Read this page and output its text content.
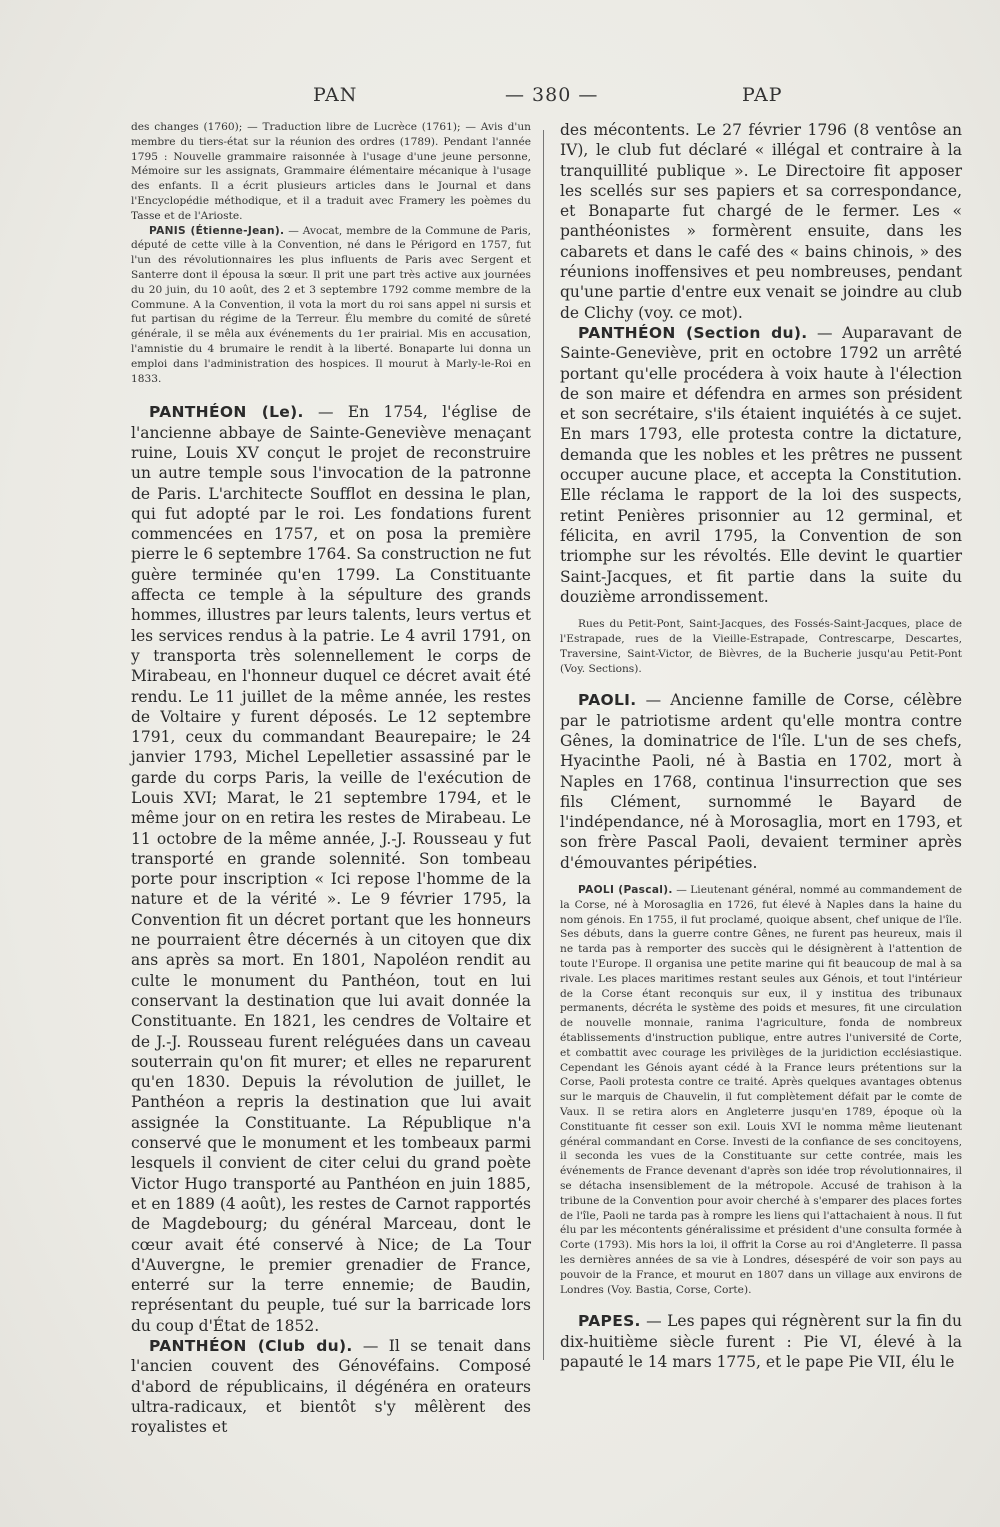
PAN	— 380 —	PAP

des changes (1760); — Traduction libre de Lucrèce (1761); — Avis d'un membre du tiers-état sur la réunion des ordres (1789). Pendant l'année 1795 : Nouvelle grammaire raisonnée à l'usage d'une jeune personne, Mémoire sur les assignats, Grammaire élémentaire mécanique à l'usage des enfants. Il a écrit plusieurs articles dans le Journal et dans l'Encyclopédie méthodique, et il a traduit avec Framery les poèmes du Tasse et de l'Arioste.

PANIS (Étienne-Jean). — Avocat, membre de la Commune de Paris, député de cette ville à la Convention, né dans le Périgord en 1757, fut l'un des révolutionnaires les plus influents de Paris avec Sergent et Santerre dont il épousa la sœur. Il prit une part très active aux journées du 20 juin, du 10 août, des 2 et 3 septembre 1792 comme membre de la Commune. A la Convention, il vota la mort du roi sans appel ni sursis et fut partisan du régime de la Terreur. Élu membre du comité de sûreté générale, il se mêla aux événements du 1er prairial. Mis en accusation, l'amnistie du 4 brumaire le rendit à la liberté. Bonaparte lui donna un emploi dans l'administration des hospices. Il mourut à Marly-le-Roi en 1833.

PANTHÉON (Le). — En 1754, l'église de l'ancienne abbaye de Sainte-Geneviève menaçant ruine, Louis XV conçut le projet de reconstruire un autre temple sous l'invocation de la patronne de Paris. L'architecte Soufflot en dessina le plan, qui fut adopté par le roi. Les fondations furent commencées en 1757, et on posa la première pierre le 6 septembre 1764. Sa construction ne fut guère terminée qu'en 1799. La Constituante affecta ce temple à la sépulture des grands hommes, illustres par leurs talents, leurs vertus et les services rendus à la patrie. Le 4 avril 1791, on y transporta très solennellement le corps de Mirabeau, en l'honneur duquel ce décret avait été rendu. Le 11 juillet de la même année, les restes de Voltaire y furent déposés. Le 12 septembre 1791, ceux du commandant Beaurepaire; le 24 janvier 1793, Michel Lepelletier assassiné par le garde du corps Paris, la veille de l'exécution de Louis XVI; Marat, le 21 septembre 1794, et le même jour on en retira les restes de Mirabeau. Le 11 octobre de la même année, J.-J. Rousseau y fut transporté en grande solennité. Son tombeau porte pour inscription « Ici repose l'homme de la nature et de la vérité ». Le 9 février 1795, la Convention fit un décret portant que les honneurs ne pourraient être décernés à un citoyen que dix ans après sa mort. En 1801, Napoléon rendit au culte le monument du Panthéon, tout en lui conservant la destination que lui avait donnée la Constituante. En 1821, les cendres de Voltaire et de J.-J. Rousseau furent reléguées dans un caveau souterrain qu'on fit murer; et elles ne reparurent qu'en 1830. Depuis la révolution de juillet, le Panthéon a repris la destination que lui avait assignée la Constituante. La République n'a conservé que le monument et les tombeaux parmi lesquels il convient de citer celui du grand poète Victor Hugo transporté au Panthéon en juin 1885, et en 1889 (4 août), les restes de Carnot rapportés de Magdebourg; du général Marceau, dont le cœur avait été conservé à Nice; de La Tour d'Auvergne, le premier grenadier de France, enterré sur la terre ennemie; de Baudin, représentant du peuple, tué sur la barricade lors du coup d'État de 1852.

PANTHÉON (Club du). — Il se tenait dans l'ancien couvent des Génovéfains. Composé d'abord de républicains, il dégénéra en orateurs ultra-radicaux, et bientôt s'y mêlèrent des royalistes et

des mécontents. Le 27 février 1796 (8 ventôse an IV), le club fut déclaré « illégal et contraire à la tranquillité publique ». Le Directoire fit apposer les scellés sur ses papiers et sa correspondance, et Bonaparte fut chargé de le fermer. Les « panthéonistes » formèrent ensuite, dans les cabarets et dans le café des « bains chinois, » des réunions inoffensives et peu nombreuses, pendant qu'une partie d'entre eux venait se joindre au club de Clichy (voy. ce mot).

PANTHÉON (Section du). — Auparavant de Sainte-Geneviève, prit en octobre 1792 un arrêté portant qu'elle procédera à voix haute à l'élection de son maire et défendra en armes son président et son secrétaire, s'ils étaient inquiétés à ce sujet. En mars 1793, elle protesta contre la dictature, demanda que les nobles et les prêtres ne pussent occuper aucune place, et accepta la Constitution. Elle réclama le rapport de la loi des suspects, retint Penières prisonnier au 12 germinal, et félicita, en avril 1795, la Convention de son triomphe sur les révoltés. Elle devint le quartier Saint-Jacques, et fit partie dans la suite du douzième arrondissement.

Rues du Petit-Pont, Saint-Jacques, des Fossés-Saint-Jacques, place de l'Estrapade, rues de la Vieille-Estrapade, Contrescarpe, Descartes, Traversine, Saint-Victor, de Bièvres, de la Bucherie jusqu'au Petit-Pont (Voy. Sections).

PAOLI. — Ancienne famille de Corse, célèbre par le patriotisme ardent qu'elle montra contre Gênes, la dominatrice de l'île. L'un de ses chefs, Hyacinthe Paoli, né à Bastia en 1702, mort à Naples en 1768, continua l'insurrection que ses fils Clément, surnommé le Bayard de l'indépendance, né à Morosaglia, mort en 1793, et son frère Pascal Paoli, devaient terminer après d'émouvantes péripéties.

PAOLI (Pascal). — Lieutenant général, nommé au commandement de la Corse, né à Morosaglia en 1726, fut élevé à Naples dans la haine du nom génois. En 1755, il fut proclamé, quoique absent, chef unique de l'île. Ses débuts, dans la guerre contre Gênes, ne furent pas heureux, mais il ne tarda pas à remporter des succès qui le désignèrent à l'attention de toute l'Europe. Il organisa une petite marine qui fit beaucoup de mal à sa rivale. Les places maritimes restant seules aux Génois, et tout l'intérieur de la Corse étant reconquis sur eux, il y institua des tribunaux permanents, décréta le système des poids et mesures, fit une circulation de nouvelle monnaie, ranima l'agriculture, fonda de nombreux établissements d'instruction publique, entre autres l'université de Corte, et combattit avec courage les privilèges de la juridiction ecclésiastique. Cependant les Génois ayant cédé à la France leurs prétentions sur la Corse, Paoli protesta contre ce traité. Après quelques avantages obtenus sur le marquis de Chauvelin, il fut complètement défait par le comte de Vaux. Il se retira alors en Angleterre jusqu'en 1789, époque où la Constituante fit cesser son exil. Louis XVI le nomma même lieutenant général commandant en Corse. Investi de la confiance de ses concitoyens, il seconda les vues de la Constituante sur cette contrée, mais les événements de France devenant d'après son idée trop révolutionnaires, il se détacha insensiblement de la métropole. Accusé de trahison à la tribune de la Convention pour avoir cherché à s'emparer des places fortes de l'île, Paoli ne tarda pas à rompre les liens qui l'attachaient à nous. Il fut élu par les mécontents généralissime et président d'une consulta formée à Corte (1793). Mis hors la loi, il offrit la Corse au roi d'Angleterre. Il passa les dernières années de sa vie à Londres, désespéré de voir son pays au pouvoir de la France, et mourut en 1807 dans un village aux environs de Londres (Voy. Bastia, Corse, Corte).

PAPES. — Les papes qui régnèrent sur la fin du dix-huitième siècle furent : Pie VI, élevé à la papauté le 14 mars 1775, et le pape Pie VII, élu le
